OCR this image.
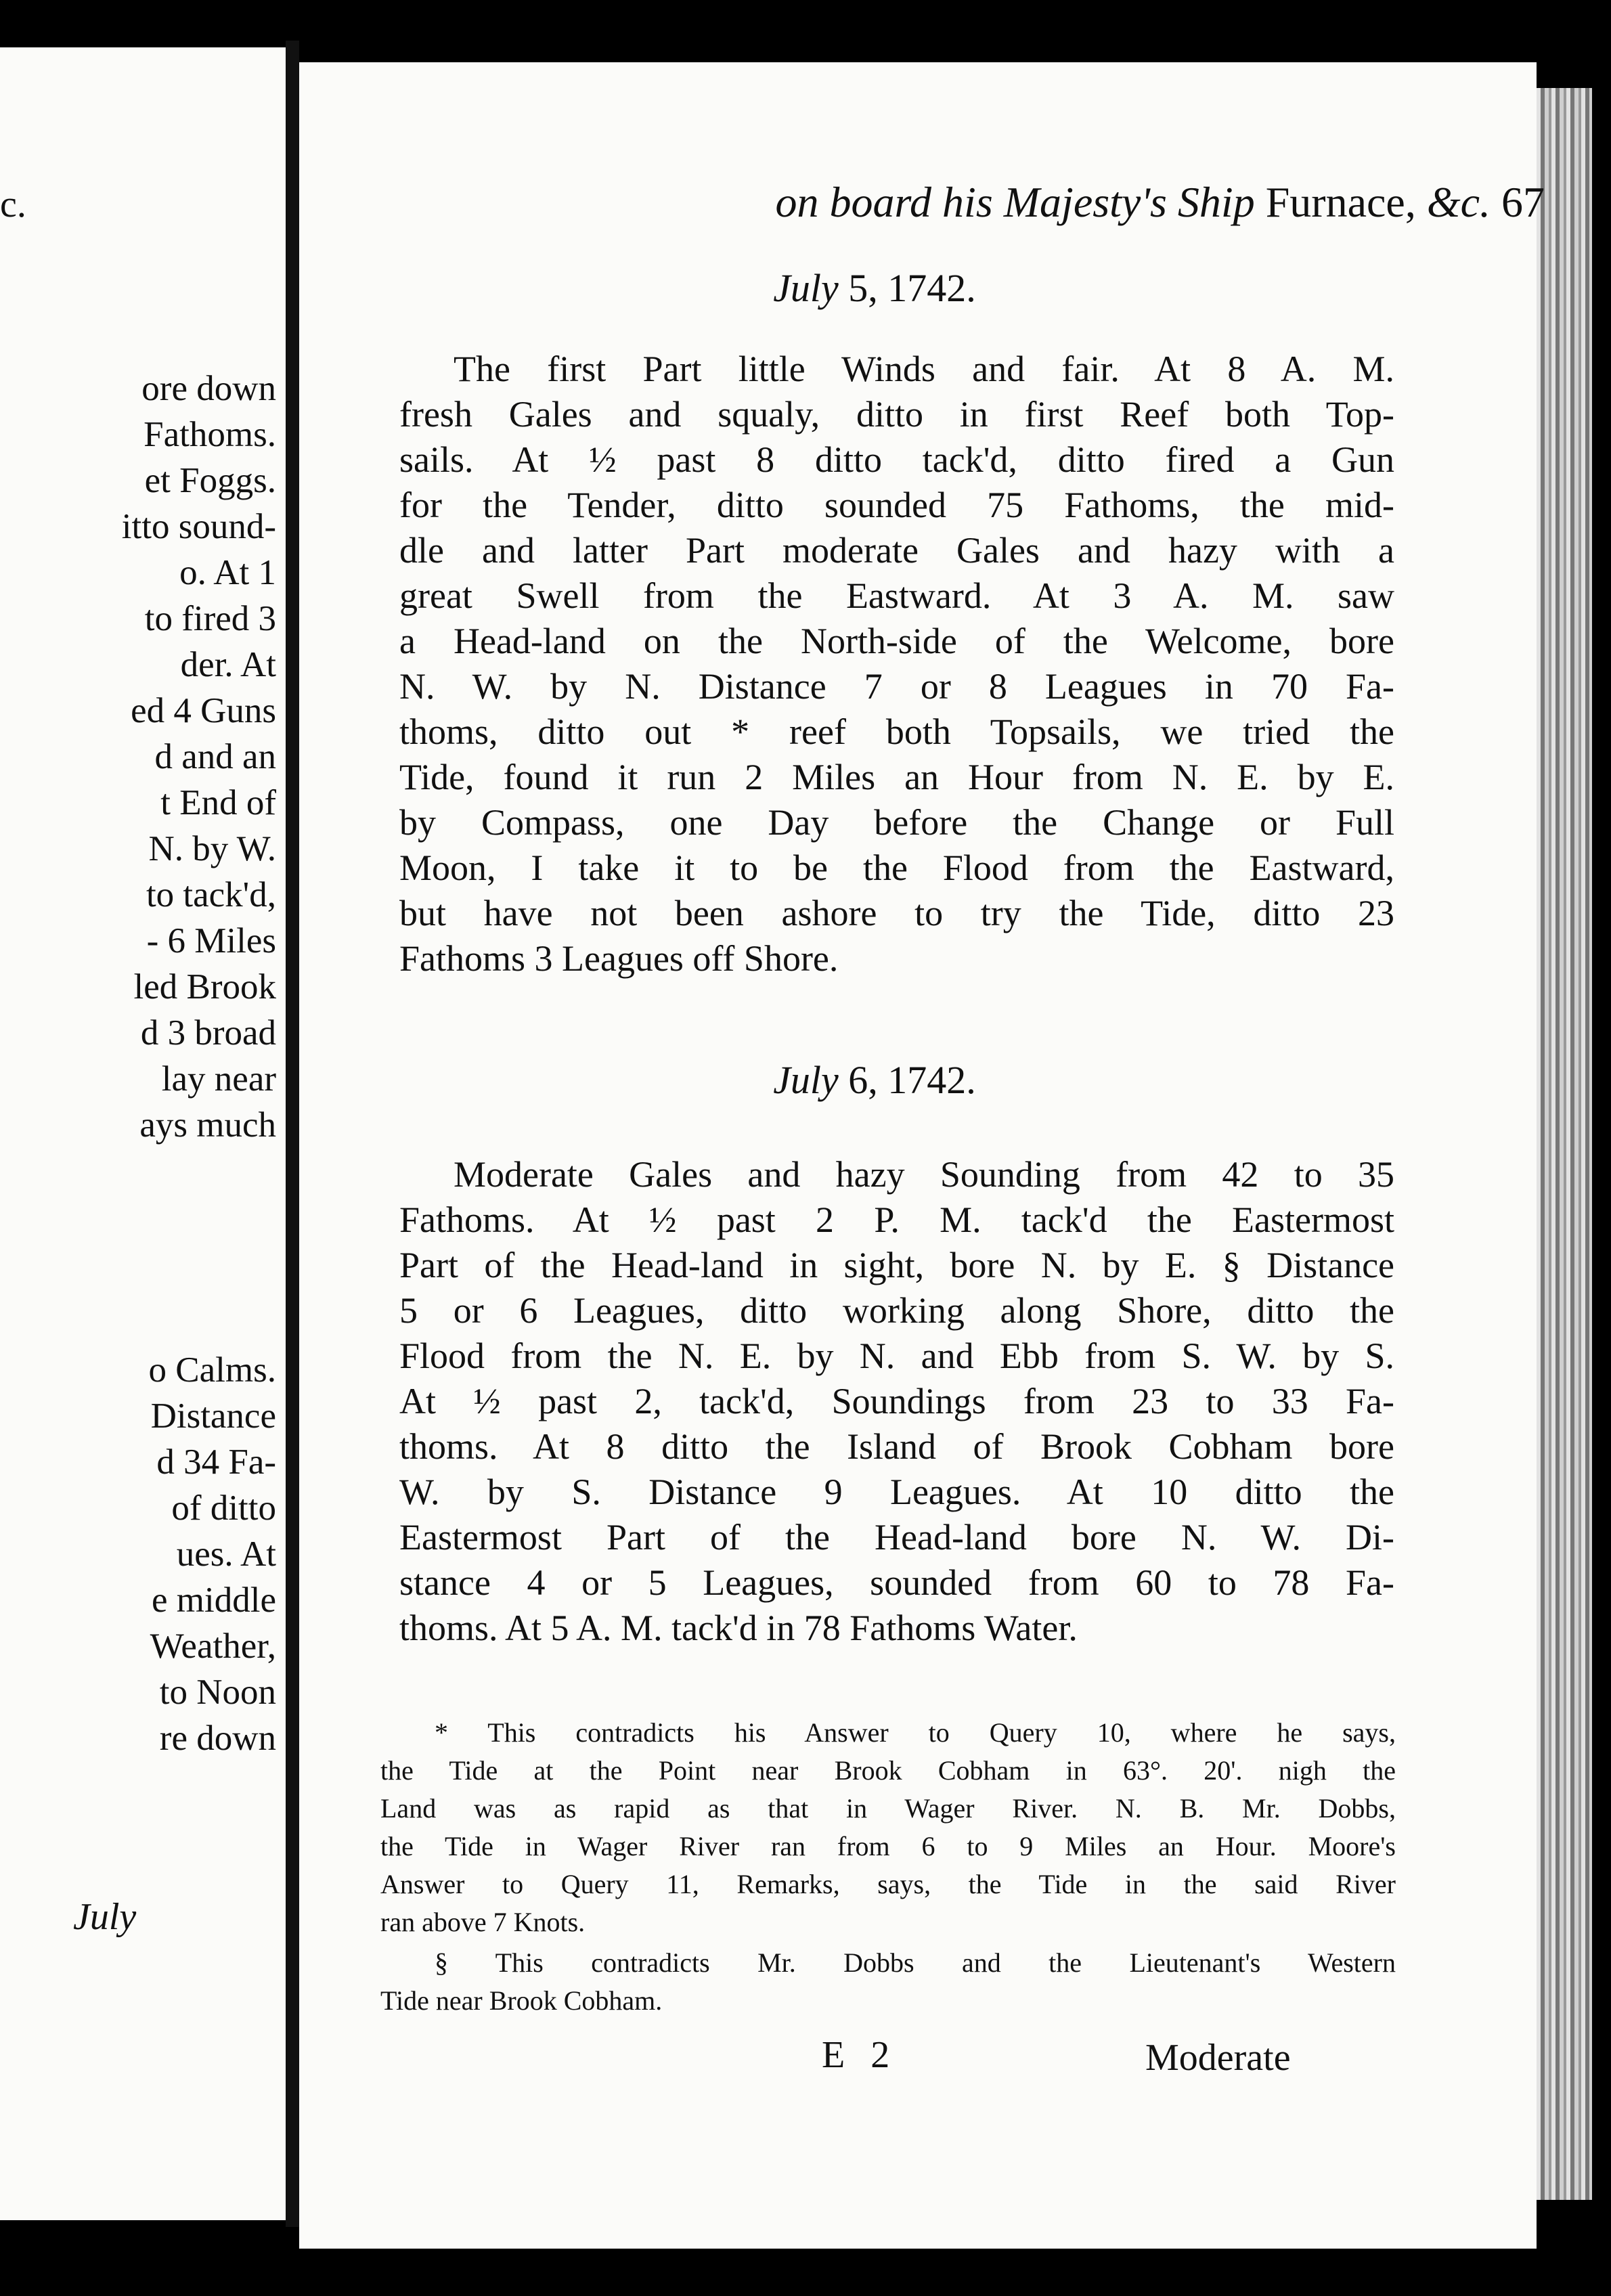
c.
ore down
Fathoms.
et Foggs.
itto sound-
o. At 1
to fired 3
der. At
ed 4 Guns
d and an
t End of
N. by W.
to tack'd,
- 6 Miles
led Brook
d 3 broad
lay near
ays much
o Calms.
Distance
d 34 Fa-
of ditto
ues. At
e middle
Weather,
to Noon
re down
July
on board his Majesty's Ship Furnace, &c. 67
July 5, 1742.
The first Part little Winds and fair. At 8 A. M.
fresh Gales and squaly, ditto in first Reef both Top-
sails. At ½ past 8 ditto tack'd, ditto fired a Gun
for the Tender, ditto sounded 75 Fathoms, the mid-
dle and latter Part moderate Gales and hazy with a
great Swell from the Eastward. At 3 A. M. saw
a Head-land on the North-side of the Welcome, bore
N. W. by N. Distance 7 or 8 Leagues in 70 Fa-
thoms, ditto out * reef both Topsails, we tried the
Tide, found it run 2 Miles an Hour from N. E. by E.
by Compass, one Day before the Change or Full
Moon, I take it to be the Flood from the Eastward,
but have not been ashore to try the Tide, ditto 23
Fathoms 3 Leagues off Shore.
July 6, 1742.
Moderate Gales and hazy Sounding from 42 to 35
Fathoms. At ½ past 2 P. M. tack'd the Eastermost
Part of the Head-land in sight, bore N. by E. § Distance
5 or 6 Leagues, ditto working along Shore, ditto the
Flood from the N. E. by N. and Ebb from S. W. by S.
At ½ past 2, tack'd, Soundings from 23 to 33 Fa-
thoms. At 8 ditto the Island of Brook Cobham bore
W. by S. Distance 9 Leagues. At 10 ditto the
Eastermost Part of the Head-land bore N. W. Di-
stance 4 or 5 Leagues, sounded from 60 to 78 Fa-
thoms. At 5 A. M. tack'd in 78 Fathoms Water.
* This contradicts his Answer to Query 10, where he says,
the Tide at the Point near Brook Cobham in 63°. 20'. nigh the
Land was as rapid as that in Wager River. N. B. Mr. Dobbs,
the Tide in Wager River ran from 6 to 9 Miles an Hour. Moore's
Answer to Query 11, Remarks, says, the Tide in the said River
ran above 7 Knots.
§ This contradicts Mr. Dobbs and the Lieutenant's Western
Tide near Brook Cobham.
E 2	Moderate
